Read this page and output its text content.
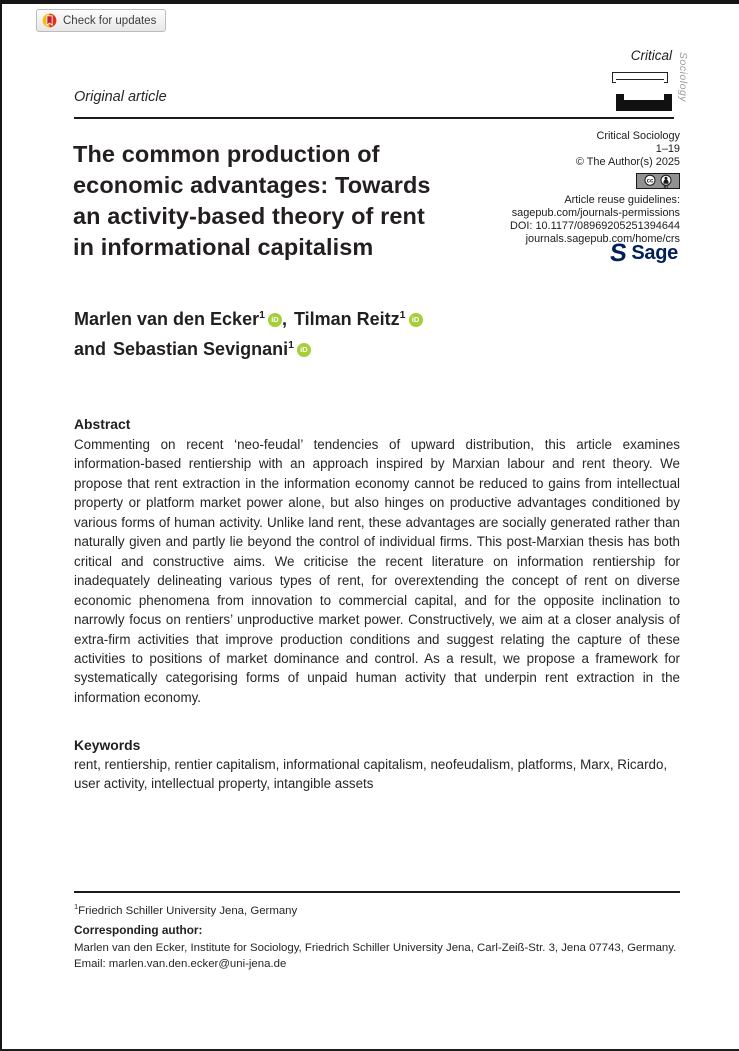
Check for updates
Original article
Critical Sociology
The common production of
economic advantages: Towards
an activity-based theory of rent
in informational capitalism
Critical Sociology
1–19
© The Author(s) 2025
cc
BY
Article reuse guidelines:
sagepub.com/journals-permissions
DOI: 10.1177/08969205251394644
journals.sagepub.com/home/crs
S Sage
Marlen van den Ecker$^1$ iD , Tilman Reitz$^1$ iD
and Sebastian Sevignani$^1$ iD
Abstract

Commenting on recent ‘neo-feudal’ tendencies of upward distribution, this article examines information-based rentiership with an approach inspired by Marxian labour and rent theory. We propose that rent extraction in the information economy cannot be reduced to gains from intellectual property or platform market power alone, but also hinges on productive advantages conditioned by various forms of human activity. Unlike land rent, these advantages are socially generated rather than naturally given and partly lie beyond the control of individual firms. This post-Marxian thesis has both critical and constructive aims. We criticise the recent literature on information rentiership for inadequately delineating various types of rent, for overextending the concept of rent on diverse economic phenomena from innovation to commercial capital, and for the opposite inclination to narrowly focus on rentiers’ unproductive market power. Constructively, we aim at a closer analysis of extra-firm activities that improve production conditions and suggest relating the capture of these activities to positions of market dominance and control. As a result, we propose a framework for systematically categorising forms of unpaid human activity that underpin rent extraction in the information economy.

Keywords

rent, rentiership, rentier capitalism, informational capitalism, neofeudalism, platforms, Marx, Ricardo, user activity, intellectual property, intangible assets

$^1$Friedrich Schiller University Jena, Germany

Corresponding author:

Marlen van den Ecker, Institute for Sociology, Friedrich Schiller University Jena, Carl-Zeiß-Str. 3, Jena 07743, Germany.

Email: marlen.van.den.ecker@uni-jena.de
